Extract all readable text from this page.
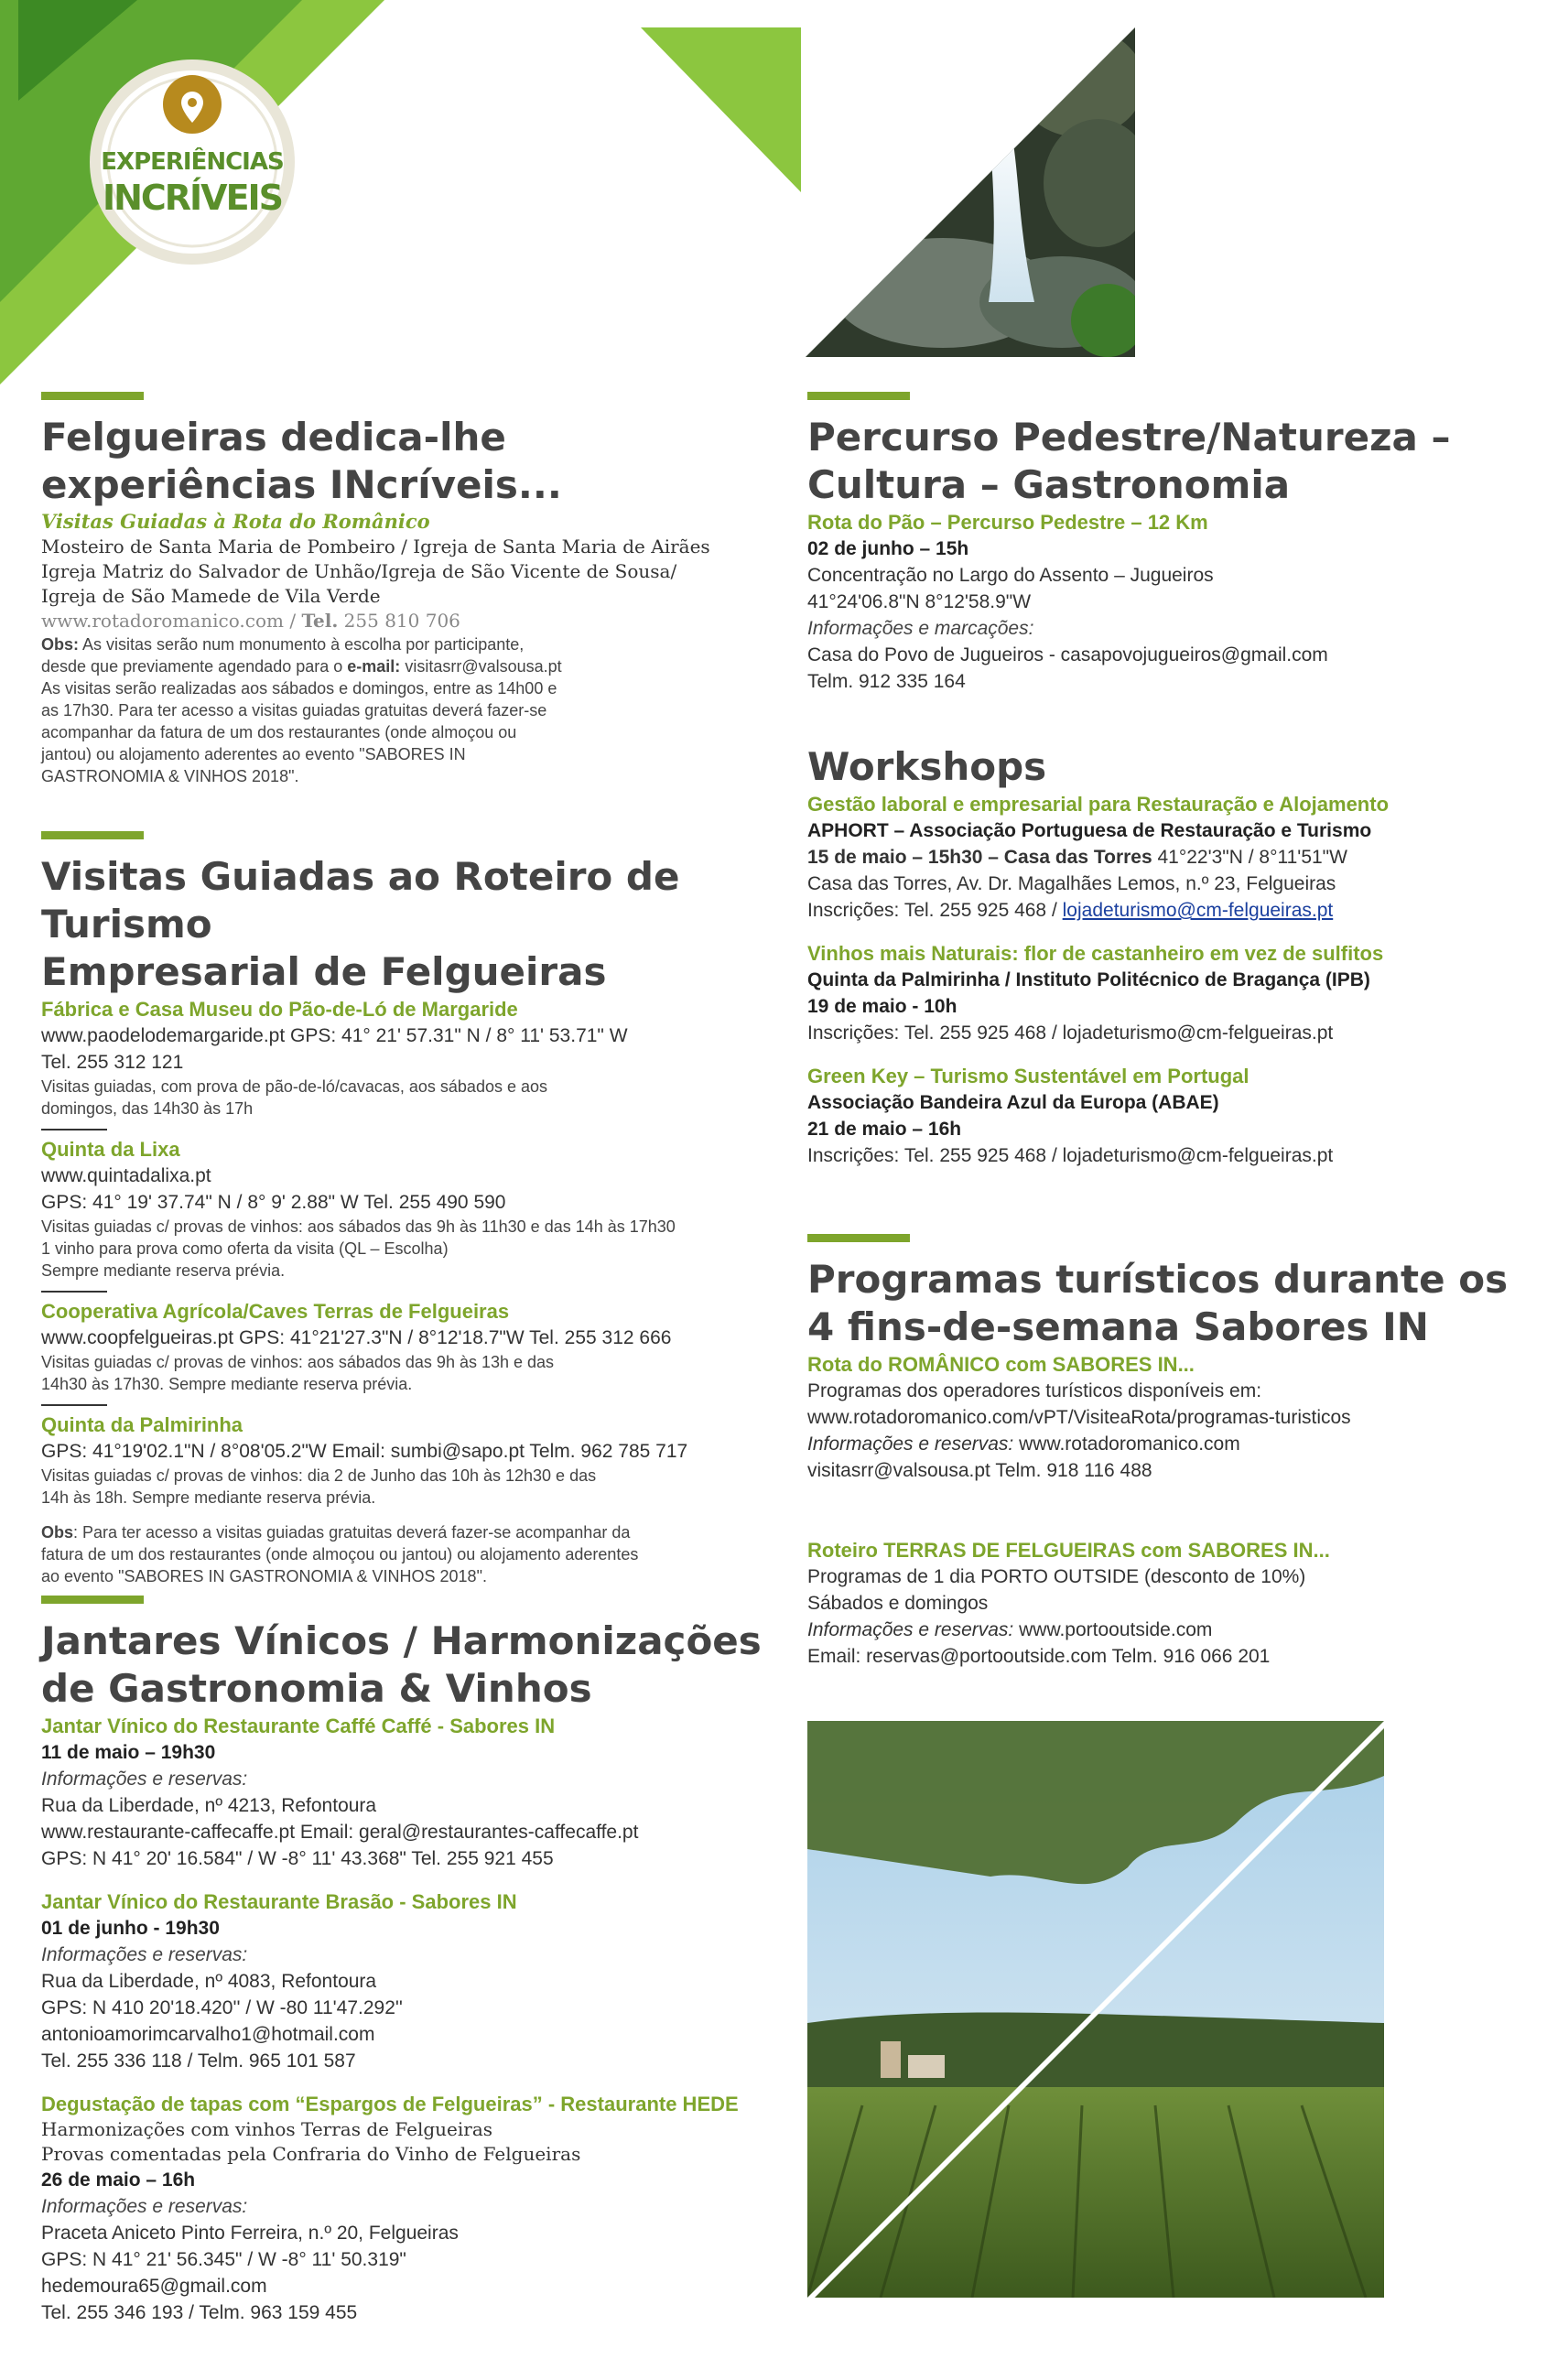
EXPERIÊNCIAS
INCRÍVEIS
Felgueiras dedica-lhe
experiências INcríveis...
Visitas Guiadas à Rota do Românico
Mosteiro de Santa Maria de Pombeiro / Igreja de Santa Maria de Airães
Igreja Matriz do Salvador de Unhão/Igreja de São Vicente de Sousa/
Igreja de São Mamede de Vila Verde
www.rotadoromanico.com / Tel. 255 810 706
Obs: As visitas serão num monumento à escolha por participante,
desde que previamente agendado para o e-mail: visitasrr@valsousa.pt
As visitas serão realizadas aos sábados e domingos, entre as 14h00 e
as 17h30. Para ter acesso a visitas guiadas gratuitas deverá fazer-se
acompanhar da fatura de um dos restaurantes (onde almoçou ou
jantou) ou alojamento aderentes ao evento "SABORES IN
GASTRONOMIA & VINHOS 2018".
Visitas Guiadas ao Roteiro de Turismo
Empresarial de Felgueiras
Fábrica e Casa Museu do Pão-de-Ló de Margaride
www.paodelodemargaride.pt GPS: 41° 21' 57.31" N / 8° 11' 53.71" W
Tel. 255 312 121
Visitas guiadas, com prova de pão-de-ló/cavacas, aos sábados e aos
domingos, das 14h30 às 17h
Quinta da Lixa
www.quintadalixa.pt
GPS: 41° 19' 37.74" N / 8° 9' 2.88" W Tel. 255 490 590
Visitas guiadas c/ provas de vinhos: aos sábados das 9h às 11h30 e das 14h às 17h30
1 vinho para prova como oferta da visita (QL – Escolha)
Sempre mediante reserva prévia.
Cooperativa Agrícola/Caves Terras de Felgueiras
www.coopfelgueiras.pt GPS: 41°21'27.3"N / 8°12'18.7"W Tel. 255 312 666
Visitas guiadas c/ provas de vinhos: aos sábados das 9h às 13h e das
14h30 às 17h30. Sempre mediante reserva prévia.
Quinta da Palmirinha
GPS: 41°19'02.1"N / 8°08'05.2"W Email: sumbi@sapo.pt Telm. 962 785 717
Visitas guiadas c/ provas de vinhos: dia 2 de Junho das 10h às 12h30 e das
14h às 18h. Sempre mediante reserva prévia.
Obs: Para ter acesso a visitas guiadas gratuitas deverá fazer-se acompanhar da
fatura de um dos restaurantes (onde almoçou ou jantou) ou alojamento aderentes
ao evento "SABORES IN GASTRONOMIA & VINHOS 2018".
Jantares Vínicos / Harmonizações
de Gastronomia & Vinhos
Jantar Vínico do Restaurante Caffé Caffé - Sabores IN
11 de maio – 19h30
Informações e reservas:
Rua da Liberdade, nº 4213, Refontoura
www.restaurante-caffecaffe.pt Email: geral@restaurantes-caffecaffe.pt
GPS: N 41° 20' 16.584" / W -8° 11' 43.368" Tel. 255 921 455
Jantar Vínico do Restaurante Brasão - Sabores IN
01 de junho - 19h30
Informações e reservas:
Rua da Liberdade, nº 4083, Refontoura
GPS: N 410 20'18.420'' / W -80 11'47.292''
antonioamorimcarvalho1@hotmail.com
Tel. 255 336 118 / Telm. 965 101 587
Degustação de tapas com “Espargos de Felgueiras” - Restaurante HEDE
Harmonizações com vinhos Terras de Felgueiras
Provas comentadas pela Confraria do Vinho de Felgueiras
26 de maio – 16h
Informações e reservas:
Praceta Aniceto Pinto Ferreira, n.º 20, Felgueiras
GPS: N 41° 21' 56.345" / W -8° 11' 50.319"
hedemoura65@gmail.com
Tel. 255 346 193 / Telm. 963 159 455
Percurso Pedestre/Natureza –
Cultura – Gastronomia
Rota do Pão – Percurso Pedestre – 12 Km
02 de junho – 15h
Concentração no Largo do Assento – Jugueiros
41°24'06.8"N 8°12'58.9"W
Informações e marcações:
Casa do Povo de Jugueiros - casapovojugueiros@gmail.com
Telm. 912 335 164
Workshops
Gestão laboral e empresarial para Restauração e Alojamento
APHORT – Associação Portuguesa de Restauração e Turismo
15 de maio – 15h30 – Casa das Torres 41°22'3"N / 8°11'51"W
Casa das Torres, Av. Dr. Magalhães Lemos, n.º 23, Felgueiras
Inscrições: Tel. 255 925 468 / lojadeturismo@cm-felgueiras.pt
Vinhos mais Naturais: flor de castanheiro em vez de sulfitos
Quinta da Palmirinha / Instituto Politécnico de Bragança (IPB)
19 de maio - 10h
Inscrições: Tel. 255 925 468 / lojadeturismo@cm-felgueiras.pt
Green Key – Turismo Sustentável em Portugal
Associação Bandeira Azul da Europa (ABAE)
21 de maio – 16h
Inscrições: Tel. 255 925 468 / lojadeturismo@cm-felgueiras.pt
Programas turísticos durante os
4 fins-de-semana Sabores IN
Rota do ROMÂNICO com SABORES IN...
Programas dos operadores turísticos disponíveis em:
www.rotadoromanico.com/vPT/VisiteaRota/programas-turisticos
Informações e reservas: www.rotadoromanico.com
visitasrr@valsousa.pt Telm. 918 116 488
Roteiro TERRAS DE FELGUEIRAS com SABORES IN...
Programas de 1 dia PORTO OUTSIDE (desconto de 10%)
Sábados e domingos
Informações e reservas: www.portooutside.com
Email: reservas@portooutside.com Telm. 916 066 201
